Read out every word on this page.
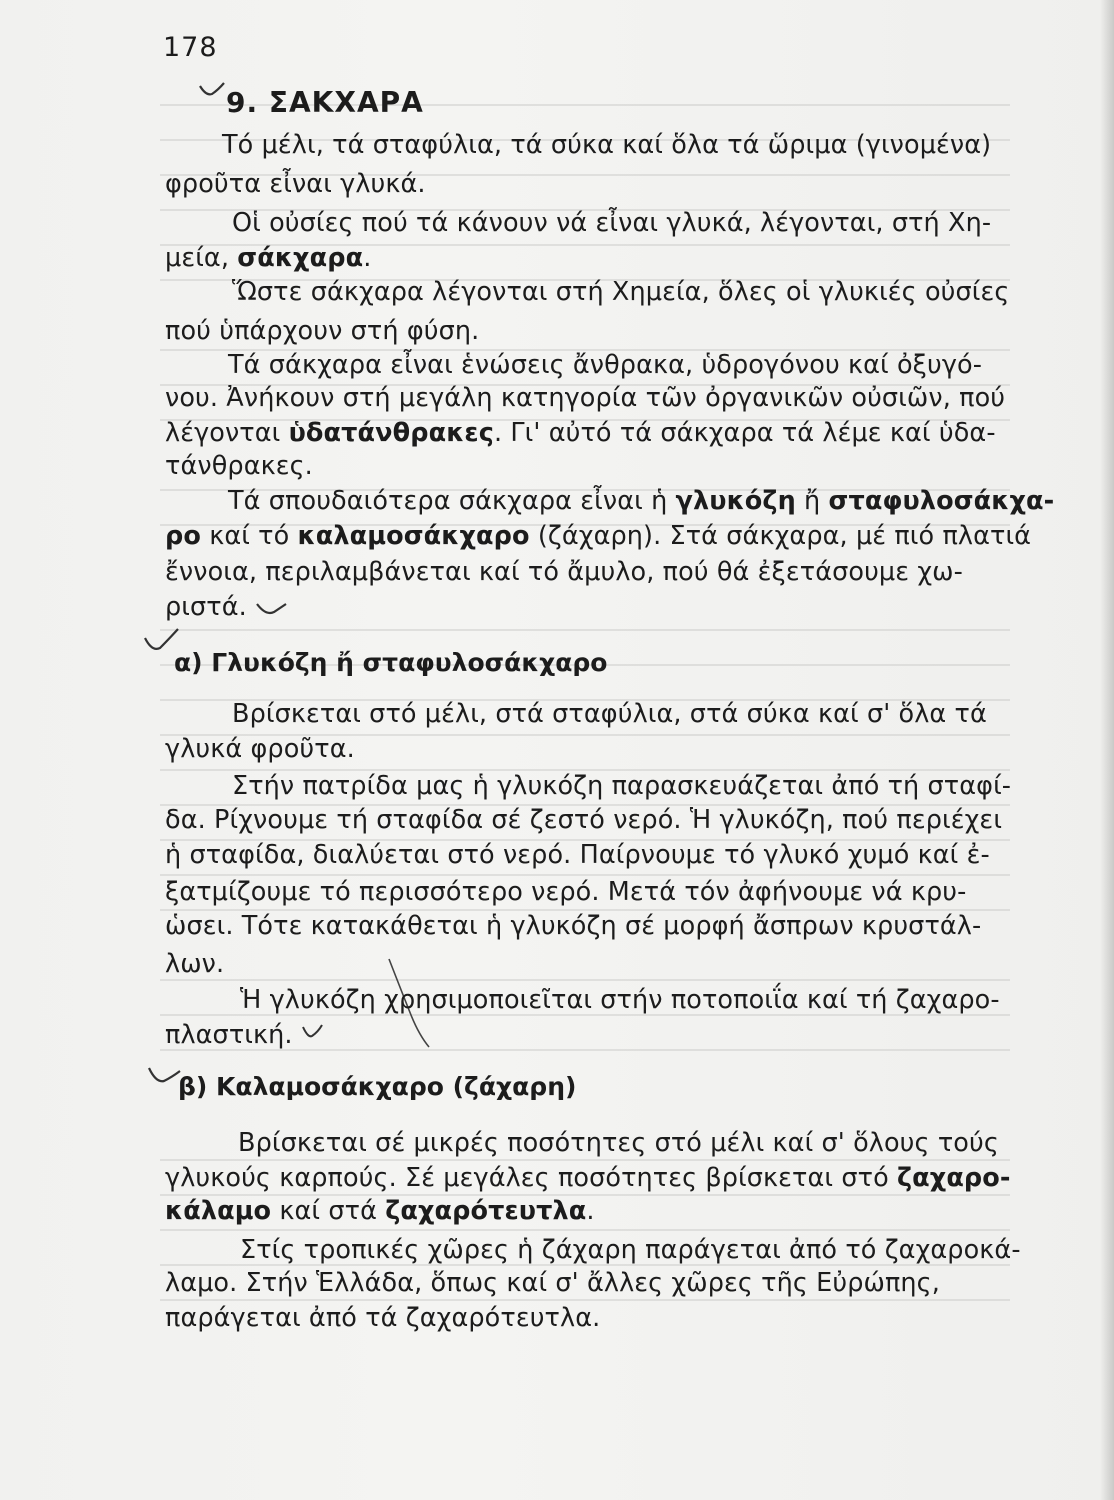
178
9. ΣΑΚΧΑΡΑ
Τό μέλι, τά σταφύλια, τά σύκα καί ὅλα τά ὥριμα (γινομένα)
φροῦτα εἶναι γλυκά.
Οἱ οὐσίες πού τά κάνουν νά εἶναι γλυκά, λέγονται, στή Χη-
μεία, σάκχαρα.
Ὥστε σάκχαρα λέγονται στή Χημεία, ὅλες οἱ γλυκιές οὐσίες
πού ὑπάρχουν στή φύση.
Τά σάκχαρα εἶναι ἑνώσεις ἄνθρακα, ὑδρογόνου καί ὀξυγό-
νου. Ἀνήκουν στή μεγάλη κατηγορία τῶν ὀργανικῶν οὐσιῶν, πού
λέγονται ὑδατάνθρακες. Γι' αὐτό τά σάκχαρα τά λέμε καί ὑδα-
τάνθρακες.
Τά σπουδαιότερα σάκχαρα εἶναι ἡ γλυκόζη ἤ σταφυλοσάκχα-
ρο καί τό καλαμοσάκχαρο (ζάχαρη). Στά σάκχαρα, μέ πιό πλατιά
ἔννοια, περιλαμβάνεται καί τό ἄμυλο, πού θά ἐξετάσουμε χω-
ριστά.
α) Γλυκόζη ἤ σταφυλοσάκχαρο
Βρίσκεται στό μέλι, στά σταφύλια, στά σύκα καί σ' ὅλα τά
γλυκά φροῦτα.
Στήν πατρίδα μας ἡ γλυκόζη παρασκευάζεται ἀπό τή σταφί-
δα. Ρίχνουμε τή σταφίδα σέ ζεστό νερό. Ἡ γλυκόζη, πού περιέχει
ἡ σταφίδα, διαλύεται στό νερό. Παίρνουμε τό γλυκό χυμό καί ἐ-
ξατμίζουμε τό περισσότερο νερό. Μετά τόν ἀφήνουμε νά κρυ-
ὡσει. Τότε κατακάθεται ἡ γλυκόζη σέ μορφή ἄσπρων κρυστάλ-
λων.
Ἡ γλυκόζη χρησιμοποιεῖται στήν ποτοποιΐα καί τή ζαχαρο-
πλαστική.
β) Καλαμοσάκχαρο (ζάχαρη)
Βρίσκεται σέ μικρές ποσότητες στό μέλι καί σ' ὅλους τούς
γλυκούς καρπούς. Σέ μεγάλες ποσότητες βρίσκεται στό ζαχαρο-
κάλαμο καί στά ζαχαρότευτλα.
Στίς τροπικές χῶρες ἡ ζάχαρη παράγεται ἀπό τό ζαχαροκά-
λαμο. Στήν Ἑλλάδα, ὅπως καί σ' ἄλλες χῶρες τῆς Εὐρώπης,
παράγεται ἀπό τά ζαχαρότευτλα.
